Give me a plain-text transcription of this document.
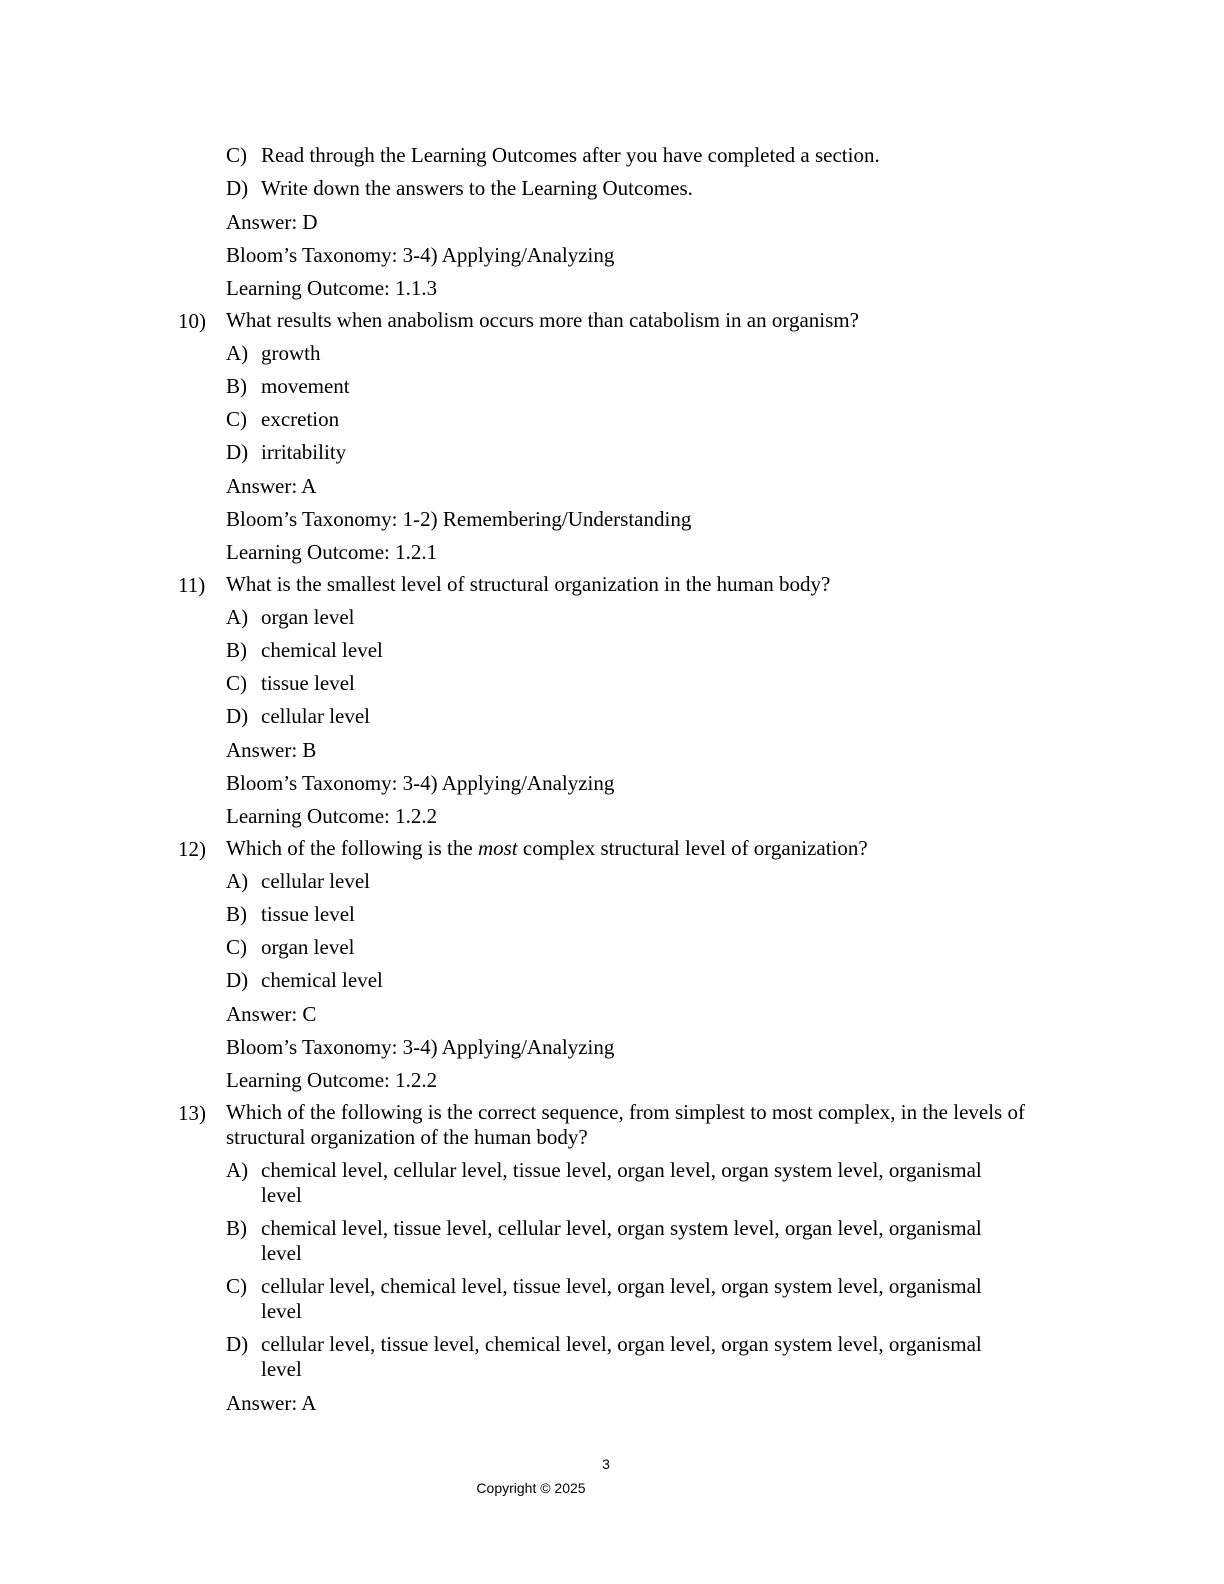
C) Read through the Learning Outcomes after you have completed a section.
D) Write down the answers to the Learning Outcomes.
Answer: D
Bloom’s Taxonomy: 3-4) Applying/Analyzing
Learning Outcome: 1.1.3
10) What results when anabolism occurs more than catabolism in an organism?
A) growth
B) movement
C) excretion
D) irritability
Answer: A
Bloom’s Taxonomy: 1-2) Remembering/Understanding
Learning Outcome: 1.2.1
11) What is the smallest level of structural organization in the human body?
A) organ level
B) chemical level
C) tissue level
D) cellular level
Answer: B
Bloom’s Taxonomy: 3-4) Applying/Analyzing
Learning Outcome: 1.2.2
12) Which of the following is the most complex structural level of organization?
A) cellular level
B) tissue level
C) organ level
D) chemical level
Answer: C
Bloom’s Taxonomy: 3-4) Applying/Analyzing
Learning Outcome: 1.2.2
13) Which of the following is the correct sequence, from simplest to most complex, in the levels of structural organization of the human body?
A) chemical level, cellular level, tissue level, organ level, organ system level, organismal level
B) chemical level, tissue level, cellular level, organ system level, organ level, organismal level
C) cellular level, chemical level, tissue level, organ level, organ system level, organismal level
D) cellular level, tissue level, chemical level, organ level, organ system level, organismal level
Answer: A
3
Copyright © 2025
